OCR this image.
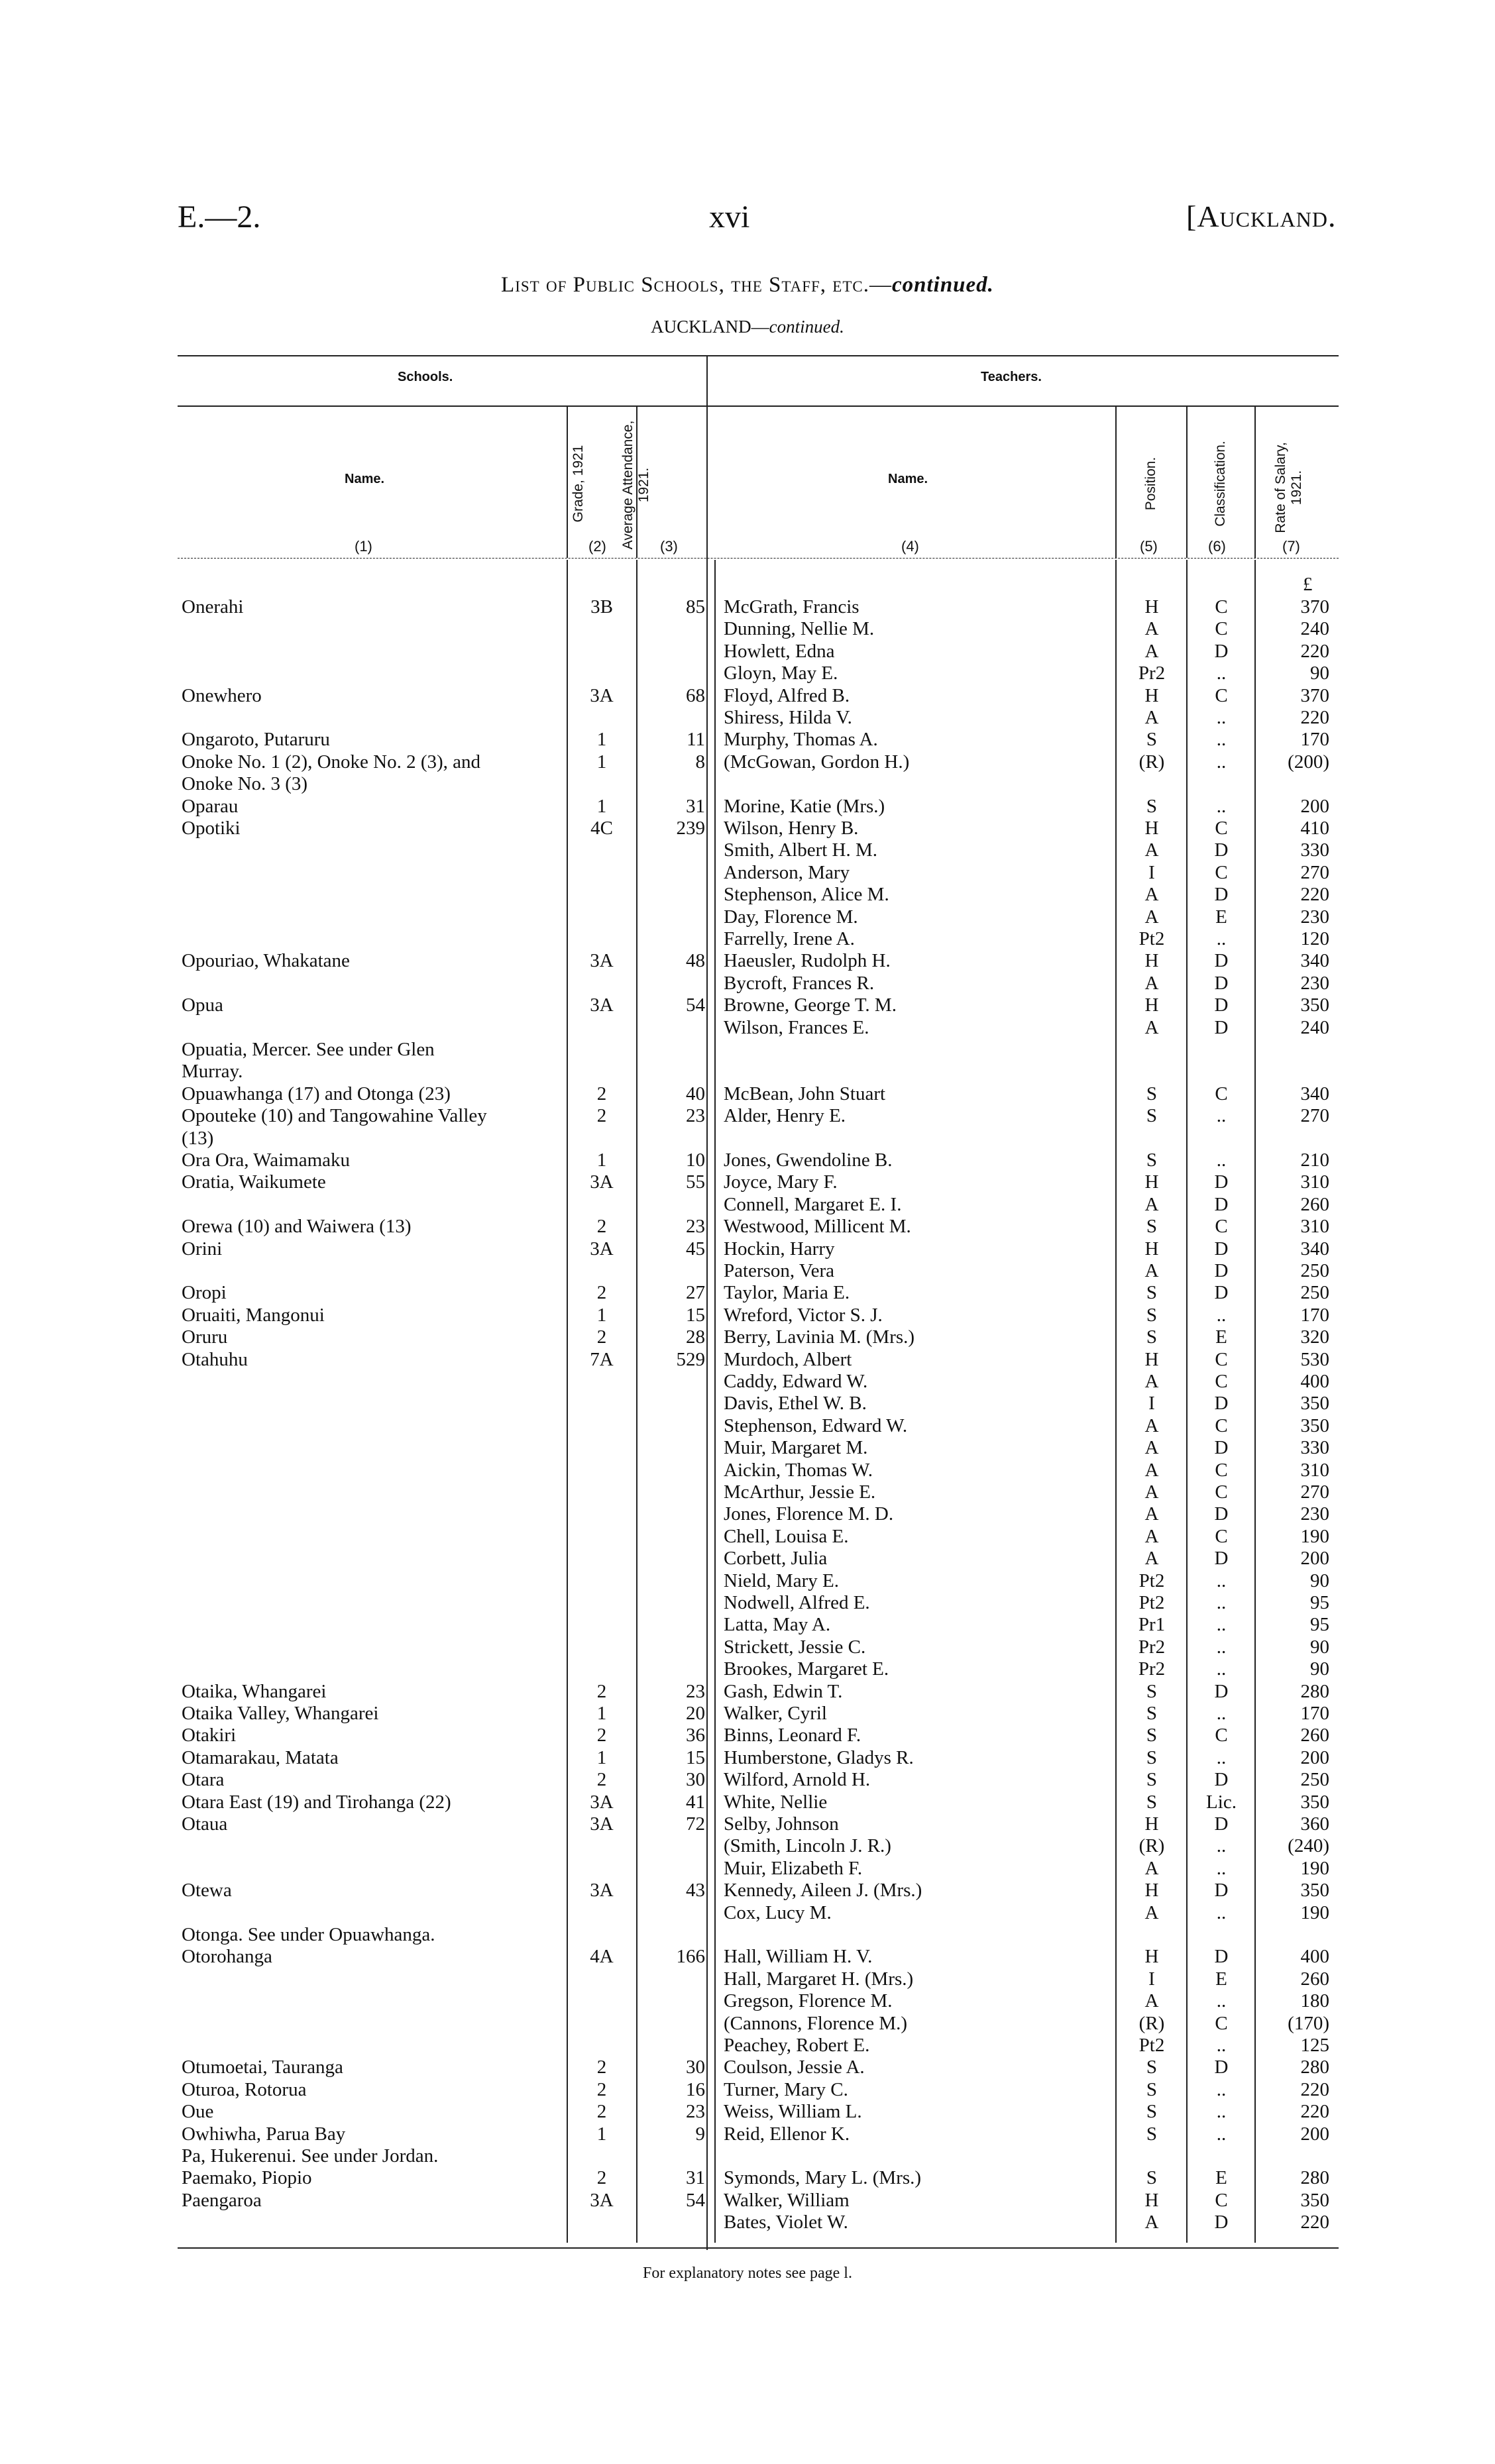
E.—2.	xvi	[Auckland.
List of Public Schools, the Staff, etc.—continued.
AUCKLAND—continued.
Schools.	Teachers.
Name.	Name.
Grade, 1921 Average Attendance, 1921.	Position.	Classification.	Rate of Salary, 1921.
(1)	(2)	(3)	(4)	(5)	(6)	(7)
£
Onerahi	3B	85 McGrath, Francis	H	C	370
Dunning, Nellie M.	A	C	240
Howlett, Edna	A	D	220
Gloyn, May E.	Pr2	..	90
Onewhero	3A	68 Floyd, Alfred B.	H	C	370
Shiress, Hilda V.	A	..	220
Ongaroto, Putaruru	1	11 Murphy, Thomas A.	S	..	170
Onoke No. 1 (2), Onoke No. 2 (3), and	1	8 (McGowan, Gordon H.)	(R)	..	(200)
Onoke No. 3 (3)
Oparau	1	31 Morine, Katie (Mrs.)	S	..	200
Opotiki	4C	239 Wilson, Henry B.	H	C	410
Smith, Albert H. M.	A	D	330
Anderson, Mary	I	C	270
Stephenson, Alice M.	A	D	220
Day, Florence M.	A	E	230
Farrelly, Irene A.	Pt2	..	120
Opouriao, Whakatane	3A	48 Haeusler, Rudolph H.	H	D	340
Bycroft, Frances R.	A	D	230
Opua	3A	54 Browne, George T. M.	H	D	350
Wilson, Frances E.	A	D	240
Opuatia, Mercer. See under Glen
Murray.
Opuawhanga (17) and Otonga (23)	2	40 McBean, John Stuart	S	C	340
Opouteke (10) and Tangowahine Valley	2	23 Alder, Henry E.	S	..	270
(13)
Ora Ora, Waimamaku	1	10 Jones, Gwendoline B.	S	..	210
Oratia, Waikumete	3A	55 Joyce, Mary F.	H	D	310
Connell, Margaret E. I.	A	D	260
Orewa (10) and Waiwera (13)	2	23 Westwood, Millicent M.	S	C	310
Orini	3A	45 Hockin, Harry	H	D	340
Paterson, Vera	A	D	250
Oropi	2	27 Taylor, Maria E.	S	D	250
Oruaiti, Mangonui	1	15 Wreford, Victor S. J.	S	..	170
Oruru	2	28 Berry, Lavinia M. (Mrs.)	S	E	320
Otahuhu	7A	529 Murdoch, Albert	H	C	530
Caddy, Edward W.	A	C	400
Davis, Ethel W. B.	I	D	350
Stephenson, Edward W.	A	C	350
Muir, Margaret M.	A	D	330
Aickin, Thomas W.	A	C	310
McArthur, Jessie E.	A	C	270
Jones, Florence M. D.	A	D	230
Chell, Louisa E.	A	C	190
Corbett, Julia	A	D	200
Nield, Mary E.	Pt2	..	90
Nodwell, Alfred E.	Pt2	..	95
Latta, May A.	Pr1	..	95
Strickett, Jessie C.	Pr2	..	90
Brookes, Margaret E.	Pr2	..	90
Otaika, Whangarei	2	23 Gash, Edwin T.	S	D	280
Otaika Valley, Whangarei	1	20 Walker, Cyril	S	..	170
Otakiri	2	36 Binns, Leonard F.	S	C	260
Otamarakau, Matata	1	15 Humberstone, Gladys R.	S	..	200
Otara	2	30 Wilford, Arnold H.	S	D	250
Otara East (19) and Tirohanga (22)	3A	41 White, Nellie	S	Lic.	350
Otaua	3A	72 Selby, Johnson	H	D	360
(Smith, Lincoln J. R.)	(R)	..	(240)
Muir, Elizabeth F.	A	..	190
Otewa	3A	43 Kennedy, Aileen J. (Mrs.)	H	D	350
Cox, Lucy M.	A	..	190
Otonga. See under Opuawhanga.
Otorohanga	4A	166 Hall, William H. V.	H	D	400
Hall, Margaret H. (Mrs.)	I	E	260
Gregson, Florence M.	A	..	180
(Cannons, Florence M.)	(R)	C	(170)
Peachey, Robert E.	Pt2	..	125
Otumoetai, Tauranga	2	30 Coulson, Jessie A.	S	D	280
Oturoa, Rotorua	2	16 Turner, Mary C.	S	..	220
Oue	2	23 Weiss, William L.	S	..	220
Owhiwha, Parua Bay	1	9 Reid, Ellenor K.	S	..	200
Pa, Hukerenui. See under Jordan.
Paemako, Piopio	2	31 Symonds, Mary L. (Mrs.)	S	E	280
Paengaroa	3A	54 Walker, William	H	C	350
Bates, Violet W.	A	D	220
For explanatory notes see page l.
